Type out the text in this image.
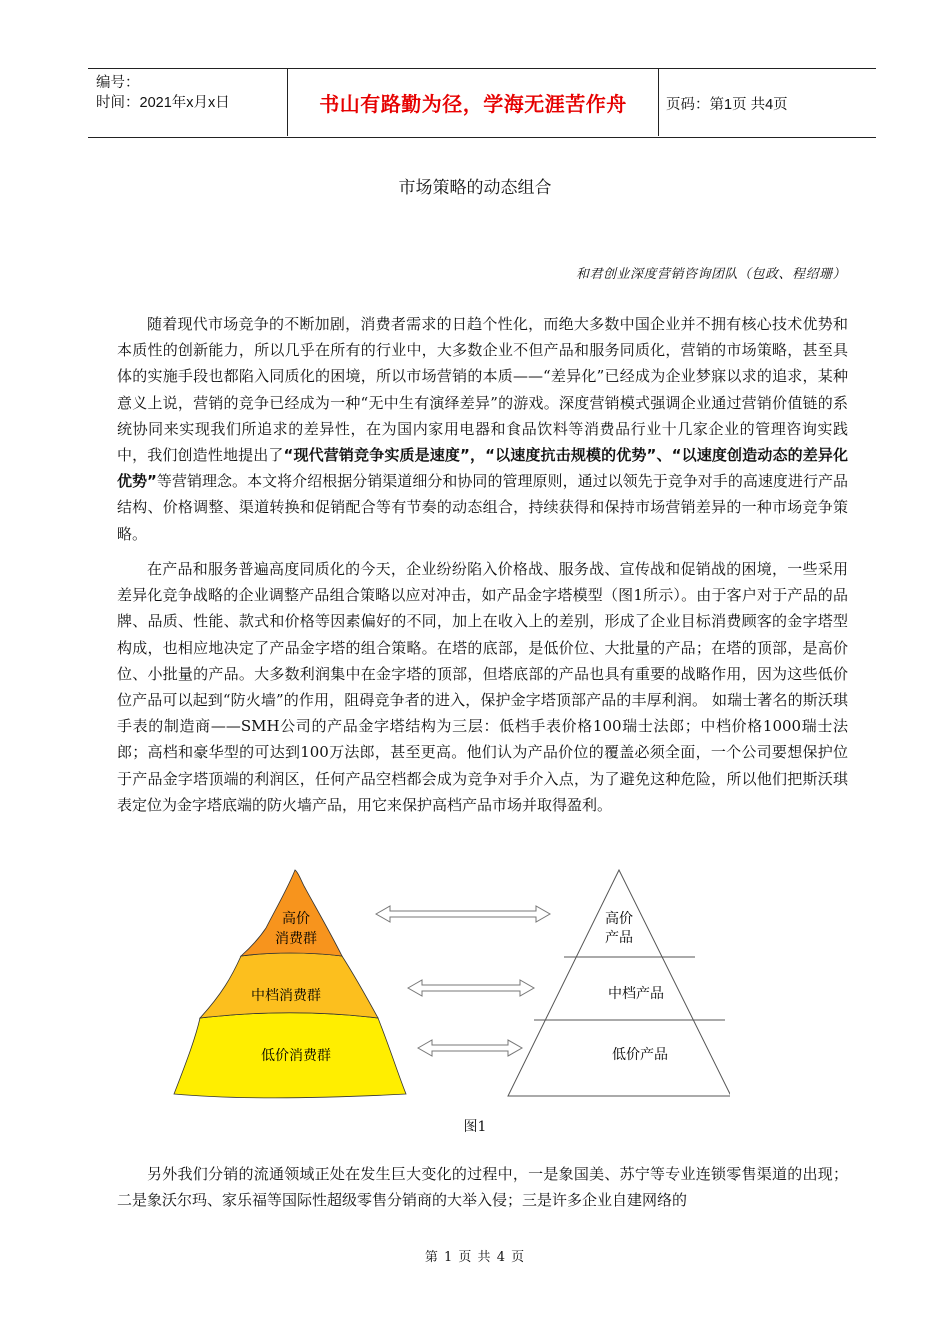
编号：
时间：2021年x月x日	书山有路勤为径，学海无涯苦作舟	页码：第1页 共4页
市场策略的动态组合
和君创业深度营销咨询团队（包政、程绍珊）

随着现代市场竞争的不断加剧，消费者需求的日趋个性化，而绝大多数中国企业并不拥有核心技术优势和本质性的创新能力，所以几乎在所有的行业中，大多数企业不但产品和服务同质化，营销的市场策略，甚至具体的实施手段也都陷入同质化的困境，所以市场营销的本质——“差异化”已经成为企业梦寐以求的追求，某种意义上说，营销的竞争已经成为一种“无中生有演绎差异”的游戏。深度营销模式强调企业通过营销价值链的系统协同来实现我们所追求的差异性，在为国内家用电器和食品饮料等消费品行业十几家企业的管理咨询实践中，我们创造性地提出了“现代营销竞争实质是速度”，“以速度抗击规模的优势”、“以速度创造动态的差异化优势”等营销理念。本文将介绍根据分销渠道细分和协同的管理原则，通过以领先于竞争对手的高速度进行产品结构、价格调整、渠道转换和促销配合等有节奏的动态组合，持续获得和保持市场营销差异的一种市场竞争策略。

在产品和服务普遍高度同质化的今天，企业纷纷陷入价格战、服务战、宣传战和促销战的困境，一些采用差异化竞争战略的企业调整产品组合策略以应对冲击，如产品金字塔模型（图1所示）。由于客户对于产品的品牌、品质、性能、款式和价格等因素偏好的不同，加上在收入上的差别，形成了企业目标消费顾客的金字塔型构成，也相应地决定了产品金字塔的组合策略。在塔的底部，是低价位、大批量的产品；在塔的顶部，是高价位、小批量的产品。大多数利润集中在金字塔的顶部，但塔底部的产品也具有重要的战略作用，因为这些低价位产品可以起到“防火墙”的作用，阻碍竞争者的进入，保护金字塔顶部产品的丰厚利润。 如瑞士著名的斯沃琪手表的制造商——SMH公司的产品金字塔结构为三层：低档手表价格100瑞士法郎；中档价格1000瑞士法郎；高档和豪华型的可达到100万法郎，甚至更高。他们认为产品价位的覆盖必须全面，一个公司要想保护位于产品金字塔顶端的利润区，任何产品空档都会成为竞争对手介入点，为了避免这种危险，所以他们把斯沃琪表定位为金字塔底端的防火墙产品，用它来保护高档产品市场并取得盈利。

高价
消费群
中档消费群
低价消费群
高价
产品
中档产品
低价产品
图1

另外我们分销的流通领域正处在发生巨大变化的过程中，一是象国美、苏宁等专业连锁零售渠道的出现；二是象沃尔玛、家乐福等国际性超级零售分销商的大举入侵；三是许多企业自建网络的

第 1 页 共 4 页
